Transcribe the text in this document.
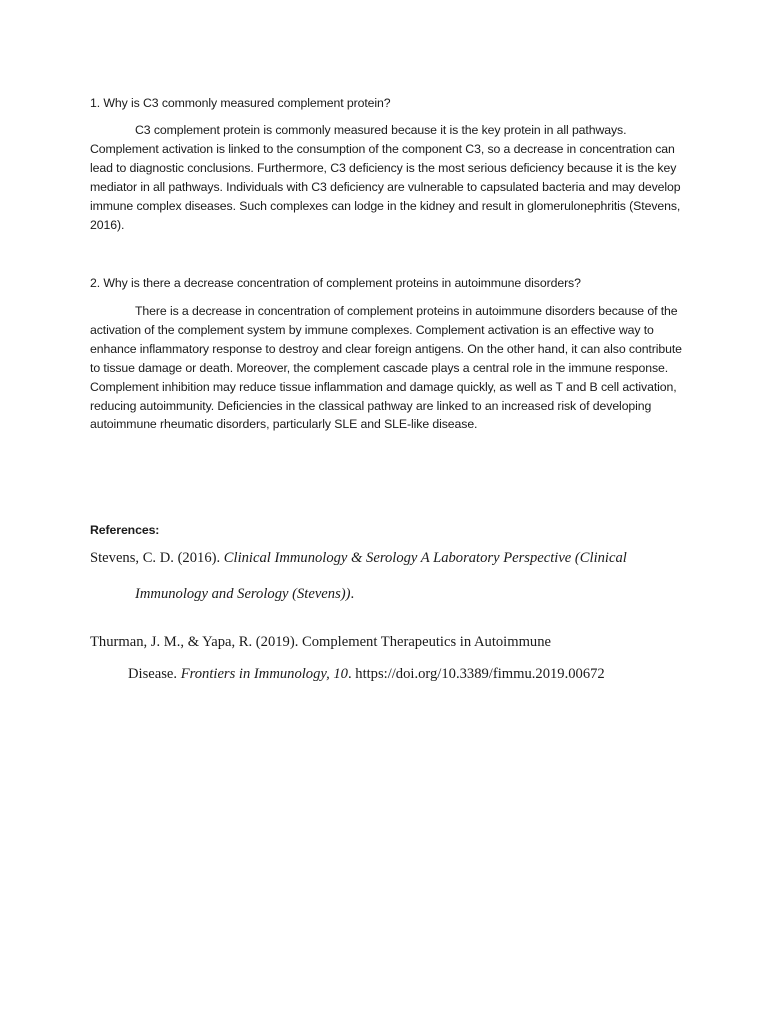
1. Why is C3 commonly measured complement protein?

C3 complement protein is commonly measured because it is the key protein in all pathways. Complement activation is linked to the consumption of the component C3, so a decrease in concentration can lead to diagnostic conclusions. Furthermore, C3 deficiency is the most serious deficiency because it is the key mediator in all pathways. Individuals with C3 deficiency are vulnerable to capsulated bacteria and may develop immune complex diseases. Such complexes can lodge in the kidney and result in glomerulonephritis (Stevens, 2016).

2. Why is there a decrease concentration of complement proteins in autoimmune disorders?

There is a decrease in concentration of complement proteins in autoimmune disorders because of the activation of the complement system by immune complexes. Complement activation is an effective way to enhance inflammatory response to destroy and clear foreign antigens. On the other hand, it can also contribute to tissue damage or death. Moreover, the complement cascade plays a central role in the immune response. Complement inhibition may reduce tissue inflammation and damage quickly, as well as T and B cell activation, reducing autoimmunity. Deficiencies in the classical pathway are linked to an increased risk of developing autoimmune rheumatic disorders, particularly SLE and SLE-like disease.

References:

Stevens, C. D. (2016). Clinical Immunology & Serology A Laboratory Perspective (Clinical

Immunology and Serology (Stevens)).

Thurman, J. M., & Yapa, R. (2019). Complement Therapeutics in Autoimmune

Disease. Frontiers in Immunology, 10. https://doi.org/10.3389/fimmu.2019.00672
